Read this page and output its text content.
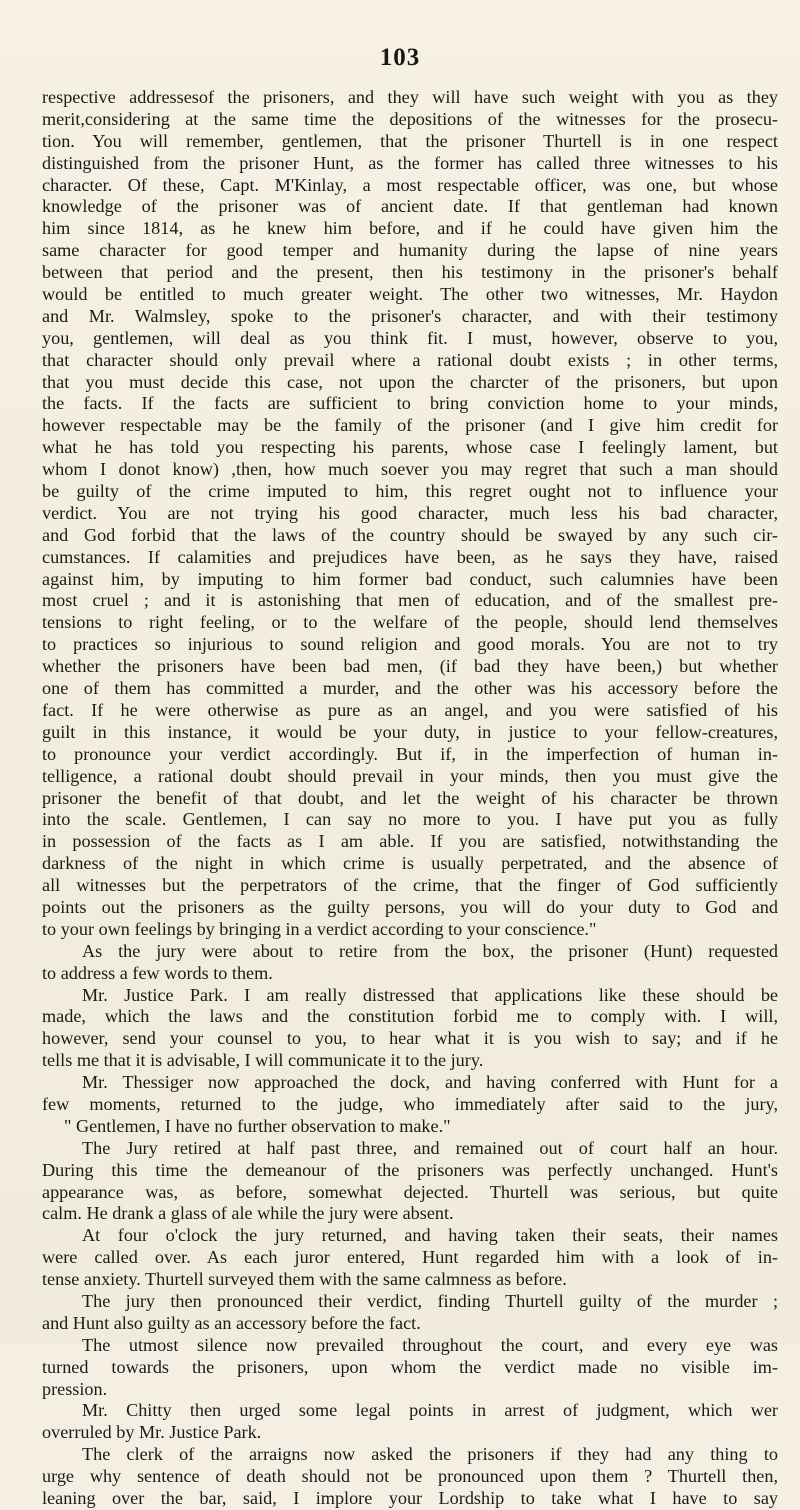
103
respective addressesof the prisoners, and they will have such weight with you as they
merit,considering at the same time the depositions of the witnesses for the prosecu-
tion. You will remember, gentlemen, that the prisoner Thurtell is in one respect
distinguished from the prisoner Hunt, as the former has called three witnesses to his
character. Of these, Capt. M'Kinlay, a most respectable officer, was one, but whose
knowledge of the prisoner was of ancient date. If that gentleman had known
him since 1814, as he knew him before, and if he could have given him the
same character for good temper and humanity during the lapse of nine years
between that period and the present, then his testimony in the prisoner's behalf
would be entitled to much greater weight. The other two witnesses, Mr. Haydon
and Mr. Walmsley, spoke to the prisoner's character, and with their testimony
you, gentlemen, will deal as you think fit. I must, however, observe to you,
that character should only prevail where a rational doubt exists ; in other terms,
that you must decide this case, not upon the charcter of the prisoners, but upon
the facts. If the facts are sufficient to bring conviction home to your minds,
however respectable may be the family of the prisoner (and I give him credit for
what he has told you respecting his parents, whose case I feelingly lament, but
whom I donot know) ,then, how much soever you may regret that such a man should
be guilty of the crime imputed to him, this regret ought not to influence your
verdict. You are not trying his good character, much less his bad character,
and God forbid that the laws of the country should be swayed by any such cir-
cumstances. If calamities and prejudices have been, as he says they have, raised
against him, by imputing to him former bad conduct, such calumnies have been
most cruel ; and it is astonishing that men of education, and of the smallest pre-
tensions to right feeling, or to the welfare of the people, should lend themselves
to practices so injurious to sound religion and good morals. You are not to try
whether the prisoners have been bad men, (if bad they have been,) but whether
one of them has committed a murder, and the other was his accessory before the
fact. If he were otherwise as pure as an angel, and you were satisfied of his
guilt in this instance, it would be your duty, in justice to your fellow-creatures,
to pronounce your verdict accordingly. But if, in the imperfection of human in-
telligence, a rational doubt should prevail in your minds, then you must give the
prisoner the benefit of that doubt, and let the weight of his character be thrown
into the scale. Gentlemen, I can say no more to you. I have put you as fully
in possession of the facts as I am able. If you are satisfied, notwithstanding the
darkness of the night in which crime is usually perpetrated, and the absence of
all witnesses but the perpetrators of the crime, that the finger of God sufficiently
points out the prisoners as the guilty persons, you will do your duty to God and
to your own feelings by bringing in a verdict according to your conscience."
As the jury were about to retire from the box, the prisoner (Hunt) requested
to address a few words to them.
Mr. Justice Park. I am really distressed that applications like these should be
made, which the laws and the constitution forbid me to comply with. I will,
however, send your counsel to you, to hear what it is you wish to say; and if he
tells me that it is advisable, I will communicate it to the jury.
Mr. Thessiger now approached the dock, and having conferred with Hunt for a
few moments, returned to the judge, who immediately after said to the jury,
" Gentlemen, I have no further observation to make."
The Jury retired at half past three, and remained out of court half an hour.
During this time the demeanour of the prisoners was perfectly unchanged. Hunt's
appearance was, as before, somewhat dejected. Thurtell was serious, but quite
calm. He drank a glass of ale while the jury were absent.
At four o'clock the jury returned, and having taken their seats, their names
were called over. As each juror entered, Hunt regarded him with a look of in-
tense anxiety. Thurtell surveyed them with the same calmness as before.
The jury then pronounced their verdict, finding Thurtell guilty of the murder ;
and Hunt also guilty as an accessory before the fact.
The utmost silence now prevailed throughout the court, and every eye was
turned towards the prisoners, upon whom the verdict made no visible im-
pression.
Mr. Chitty then urged some legal points in arrest of judgment, which wer
overruled by Mr. Justice Park.
The clerk of the arraigns now asked the prisoners if they had any thing to
urge why sentence of death should not be pronounced upon them ? Thurtell then,
leaning over the bar, said, I implore your Lordship to take what I have to say
